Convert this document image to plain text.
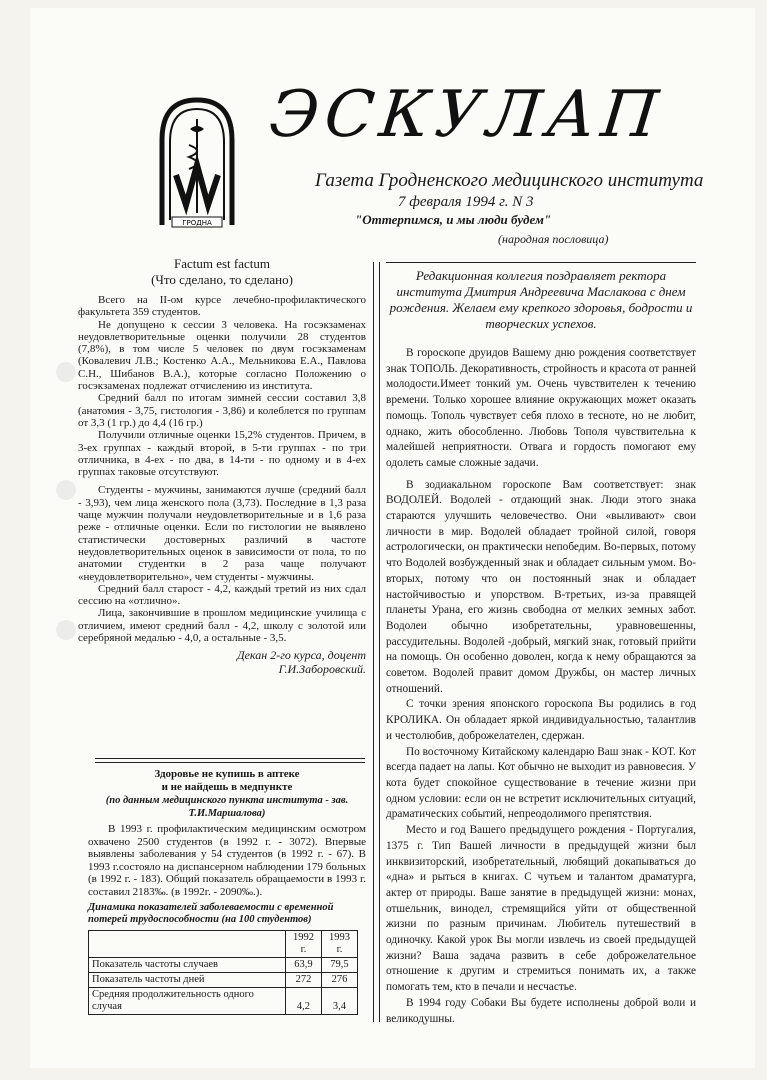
ГРОДНА
ЭСКУЛАП
Газета Гродненского медицинского института
7 февраля 1994 г. N 3
"Оттерпимся, и мы люди будем"
(народная пословица)
Factum est factum
(Что сделано, то сделано)

Всего на II-ом курсе лечебно-профилактического факультета 359 студентов.

Не допущено к сессии 3 человека. На госэкзаменах неудовлетворительные оценки получили 28 студентов (7,8%), в том числе 5 человек по двум госэкзаменам (Ковалевич Л.В.; Костенко А.А., Мельникова Е.А., Павлова С.Н., Шибанов В.А.), которые согласно Положению о госэкзаменах подлежат отчислению из института.

Средний балл по итогам зимней сессии составил 3,8 (анатомия - 3,75, гистология - 3,86) и колеблется по группам от 3,3 (1 гр.) до 4,4 (16 гр.)

Получили отличные оценки 15,2% студентов. Причем, в 3-ех группах - каждый второй, в 5-ти группах - по три отличника, в 4-ех - по два, в 14-ти - по одному и в 4-ех группах таковые отсутствуют.

Студенты - мужчины, занимаются лучше (средний балл - 3,93), чем лица женского пола (3,73). Последние в 1,3 раза чаще мужчин получали неудовлетворительные и в 1,6 раза реже - отличные оценки. Если по гистологии не выявлено статистически достоверных различий в частоте неудовлетворительных оценок в зависимости от пола, то по анатомии студентки в 2 раза чаще получают «неудовлетворительно», чем студенты - мужчины.

Средний балл старост - 4,2, каждый третий из них сдал сессию на «отлично».

Лица, закончившие в прошлом медицинские училища с отличием, имеют средний балл - 4,2, школу с золотой или серебряной медалью - 4,0, а остальные - 3,5.

Декан 2-го курса, доцент
Г.И.Заборовский.
Здоровье не купишь в аптеке
и не найдешь в медпункте
(по данным медицинского пункта института - зав. Т.И.Маршалова)

В 1993 г. профилактическим медицинским осмотром охвачено 2500 студентов (в 1992 г. - 3072). Впервые выявлены заболевания у 54 студентов (в 1992 г. - 67). В 1993 г.состояло на диспансерном наблюдении 179 больных (в 1992 г. - 183). Общий показатель обращаемости в 1993 г. составил 2183‰. (в 1992г. - 2090‰.).

Динамика показателей заболеваемости с временной потерей трудоспособности (на 100 студентов)
	1992 г.	1993 г.
Показатель частоты случаев	63,9	79,5
Показатель частоты дней	272	276
Средняя продолжительность одного случая	4,2	3,4
Редакционная коллегия поздравляет ректора института Дмитрия Андреевича Маслакова с днем рождения. Желаем ему крепкого здоровья, бодрости и творческих успехов.

В гороскопе друидов Вашему дню рождения соответствует знак ТОПОЛЬ. Декоративность, стройность и красота от ранней молодости.Имеет тонкий ум. Очень чувствителен к течению времени. Только хорошее влияние окружающих может оказать помощь. Тополь чувствует себя плохо в тесноте, но не любит, однако, жить обособленно. Любовь Тополя чувствительна к малейшей неприятности. Отвага и гордость помогают ему одолеть самые сложные задачи.

В зодиакальном гороскопе Вам соответствует: знак ВОДОЛЕЙ. Водолей - отдающий знак. Люди этого знака стараются улучшить человечество. Они «выливают» свои личности в мир. Водолей обладает тройной силой, говоря астрологически, он практически непобедим. Во-первых, потому что Водолей возбужденный знак и обладает сильным умом. Во-вторых, потому что он постоянный знак и обладает настойчивостью и упорством. В-третьих, из-за правящей планеты Урана, его жизнь свободна от мелких земных забот. Водолеи обычно изобретательны, уравновешенны, рассудительны. Водолей -добрый, мягкий знак, готовый прийти на помощь. Он особенно доволен, когда к нему обращаются за советом. Водолей правит домом Дружбы, он мастер личных отношений.

С точки зрения японского гороскопа Вы родились в год КРОЛИКА. Он обладает яркой индивидуальностью, талантлив и честолюбив, доброжелателен, сдержан.

По восточному Китайскому календарю Ваш знак - КОТ. Кот всегда падает на лапы. Кот обычно не выходит из равновесия. У кота будет спокойное существование в течение жизни при одном условии: если он не встретит исключительных ситуаций, драматических событий, непреодолимого препятствия.

Место и год Вашего предыдущего рождения - Португалия, 1375 г. Тип Вашей личности в предыдущей жизни был инквизиторский, изобретательный, любящий докапываться до «дна» и рыться в книгах. С чутьем и талантом драматурга, актер от природы. Ваше занятие в предыдущей жизни: монах, отшельник, винодел, стремящийся уйти от общественной жизни по разным причинам. Любитель путешествий в одиночку. Какой урок Вы могли извлечь из своей предыдущей жизни? Ваша задача развить в себе доброжелательное отношение к другим и стремиться понимать их, а также помогать тем, кто в печали и несчастье.

В 1994 году Собаки Вы будете исполнены доброй воли и великодушны.
